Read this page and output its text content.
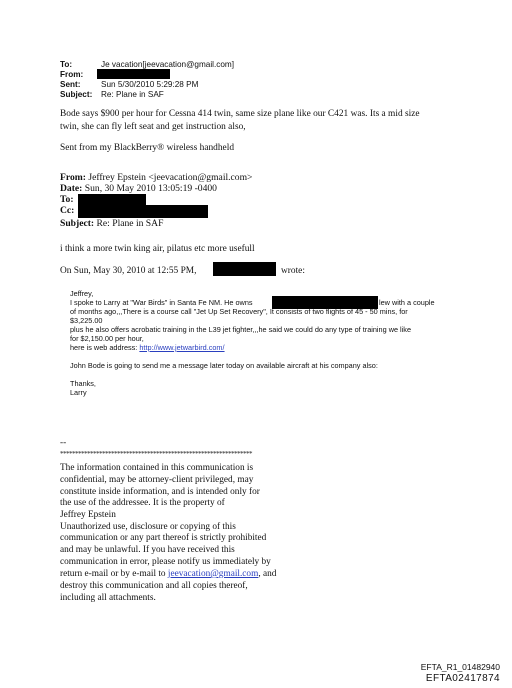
To:	Je vacation[jeevacation@gmail.com]
From:
Sent:	Sun 5/30/2010 5:29:28 PM
Subject: Re: Plane in SAF
Bode says $900 per hour for Cessna 414 twin, same size plane like our C421 was. Its a mid size
twin, she can fly left seat and get instruction also,
Sent from my BlackBerry® wireless handheld
From: Jeffrey Epstein <jeevacation@gmail.com>
Date: Sun, 30 May 2010 13:05:19 -0400
To:
Cc:
Subject: Re: Plane in SAF
i think a more twin king air, pilatus etc more usefull
On Sun, May 30, 2010 at 12:55 PM,	wrote:
Jeffrey,
I spoke to Larry at "War Birds" in Santa Fe NM. He owns	lew with a couple
of months ago,,,There is a course call "Jet Up Set Recovery", It consists of two flights of 45 - 50 mins, for
$3,225.00
plus he also offers acrobatic training in the L39 jet fighter,,,he said we could do any type of training we like
for $2,150.00 per hour,
here is web address: http://www.jetwarbird.com/
John Bode is going to send me a message later today on available aircraft at his company also:
Thanks,
Larry
--
****************************************************************
The information contained in this communication is
confidential, may be attorney-client privileged, may
constitute inside information, and is intended only for
the use of the addressee. It is the property of
Jeffrey Epstein
Unauthorized use, disclosure or copying of this
communication or any part thereof is strictly prohibited
and may be unlawful. If you have received this
communication in error, please notify us immediately by
return e-mail or by e-mail to jeevacation@gmail.com, and
destroy this communication and all copies thereof,
including all attachments.
EFTA_R1_01482940
EFTA02417874
